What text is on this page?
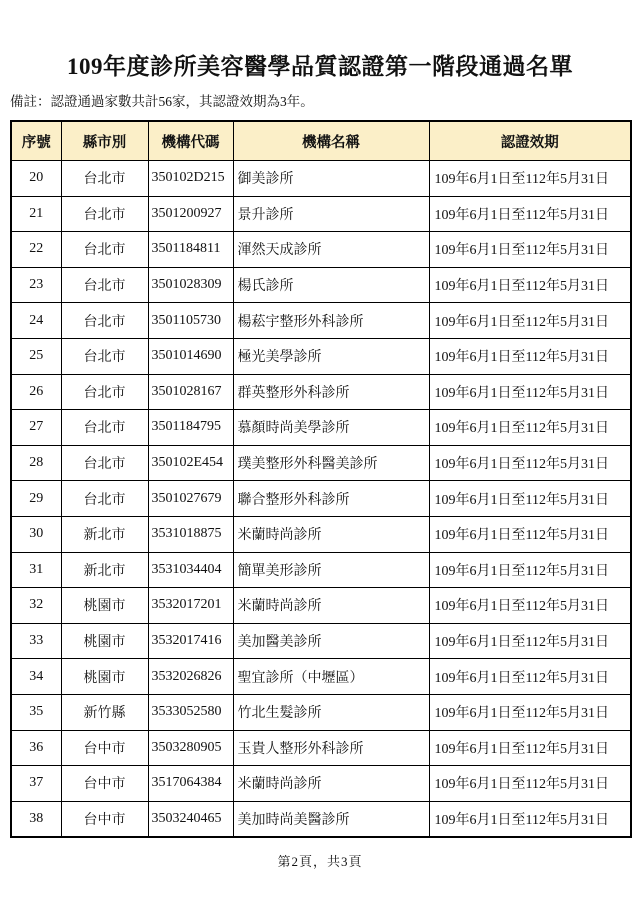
109年度診所美容醫學品質認證第一階段通過名單
備註：認證通過家數共計56家，其認證效期為3年。
序號	縣市別	機構代碼	機構名稱	認證效期
20	台北市	350102D215	御美診所	109年6月1日至112年5月31日
21	台北市	3501200927	景升診所	109年6月1日至112年5月31日
22	台北市	3501184811	渾然天成診所	109年6月1日至112年5月31日
23	台北市	3501028309	楊氏診所	109年6月1日至112年5月31日
24	台北市	3501105730	楊菘宇整形外科診所	109年6月1日至112年5月31日
25	台北市	3501014690	極光美學診所	109年6月1日至112年5月31日
26	台北市	3501028167	群英整形外科診所	109年6月1日至112年5月31日
27	台北市	3501184795	慕顏時尚美學診所	109年6月1日至112年5月31日
28	台北市	350102E454	璞美整形外科醫美診所	109年6月1日至112年5月31日
29	台北市	3501027679	聯合整形外科診所	109年6月1日至112年5月31日
30	新北市	3531018875	米蘭時尚診所	109年6月1日至112年5月31日
31	新北市	3531034404	簡單美形診所	109年6月1日至112年5月31日
32	桃園市	3532017201	米蘭時尚診所	109年6月1日至112年5月31日
33	桃園市	3532017416	美加醫美診所	109年6月1日至112年5月31日
34	桃園市	3532026826	聖宜診所（中壢區）	109年6月1日至112年5月31日
35	新竹縣	3533052580	竹北生髮診所	109年6月1日至112年5月31日
36	台中市	3503280905	玉貴人整形外科診所	109年6月1日至112年5月31日
37	台中市	3517064384	米蘭時尚診所	109年6月1日至112年5月31日
38	台中市	3503240465	美加時尚美醫診所	109年6月1日至112年5月31日
第2頁，共3頁
